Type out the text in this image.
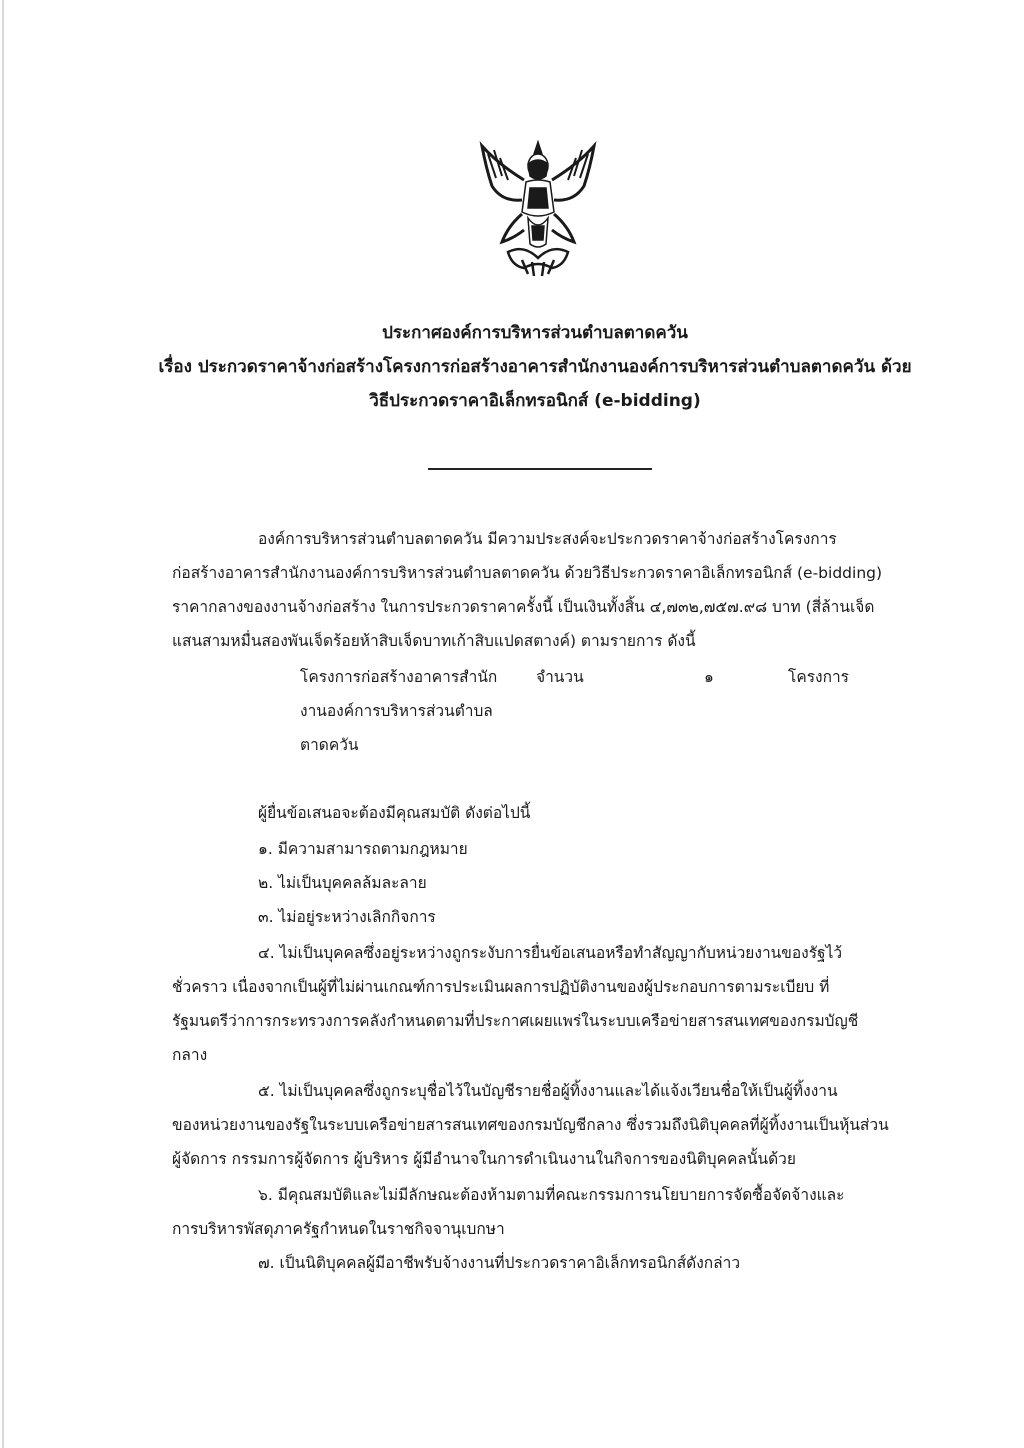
ประกาศองค์การบริหารส่วนตำบลตาดควัน
เรื่อง ประกวดราคาจ้างก่อสร้างโครงการก่อสร้างอาคารสำนักงานองค์การบริหารส่วนตำบลตาดควัน ด้วย
วิธีประกวดราคาอิเล็กทรอนิกส์ (e-bidding)
องค์การบริหารส่วนตำบลตาดควัน มีความประสงค์จะประกวดราคาจ้างก่อสร้างโครงการ
ก่อสร้างอาคารสำนักงานองค์การบริหารส่วนตำบลตาดควัน ด้วยวิธีประกวดราคาอิเล็กทรอนิกส์ (e-bidding)
ราคากลางของงานจ้างก่อสร้าง ในการประกวดราคาครั้งนี้ เป็นเงินทั้งสิ้น ๔,๗๓๒,๗๕๗.๙๘ บาท (สี่ล้านเจ็ด
แสนสามหมื่นสองพันเจ็ดร้อยห้าสิบเจ็ดบาทเก้าสิบแปดสตางค์) ตามรายการ ดังนี้
โครงการก่อสร้างอาคารสำนัก จำนวน	๑	โครงการ
งานองค์การบริหารส่วนตำบล
ตาดควัน
ผู้ยื่นข้อเสนอจะต้องมีคุณสมบัติ ดังต่อไปนี้
๑. มีความสามารถตามกฎหมาย
๒. ไม่เป็นบุคคลล้มละลาย
๓. ไม่อยู่ระหว่างเลิกกิจการ
๔. ไม่เป็นบุคคลซึ่งอยู่ระหว่างถูกระงับการยื่นข้อเสนอหรือทำสัญญากับหน่วยงานของรัฐไว้
ชั่วคราว เนื่องจากเป็นผู้ที่ไม่ผ่านเกณฑ์การประเมินผลการปฏิบัติงานของผู้ประกอบการตามระเบียบ ที่
รัฐมนตรีว่าการกระทรวงการคลังกำหนดตามที่ประกาศเผยแพร่ในระบบเครือข่ายสารสนเทศของกรมบัญชี
กลาง
๕. ไม่เป็นบุคคลซึ่งถูกระบุชื่อไว้ในบัญชีรายชื่อผู้ทิ้งงานและได้แจ้งเวียนชื่อให้เป็นผู้ทิ้งงาน
ของหน่วยงานของรัฐในระบบเครือข่ายสารสนเทศของกรมบัญชีกลาง ซึ่งรวมถึงนิติบุคคลที่ผู้ทิ้งงานเป็นหุ้นส่วน
ผู้จัดการ กรรมการผู้จัดการ ผู้บริหาร ผู้มีอำนาจในการดำเนินงานในกิจการของนิติบุคคลนั้นด้วย
๖. มีคุณสมบัติและไม่มีลักษณะต้องห้ามตามที่คณะกรรมการนโยบายการจัดซื้อจัดจ้างและ
การบริหารพัสดุภาครัฐกำหนดในราชกิจจานุเบกษา
๗. เป็นนิติบุคคลผู้มีอาชีพรับจ้างงานที่ประกวดราคาอิเล็กทรอนิกส์ดังกล่าว
